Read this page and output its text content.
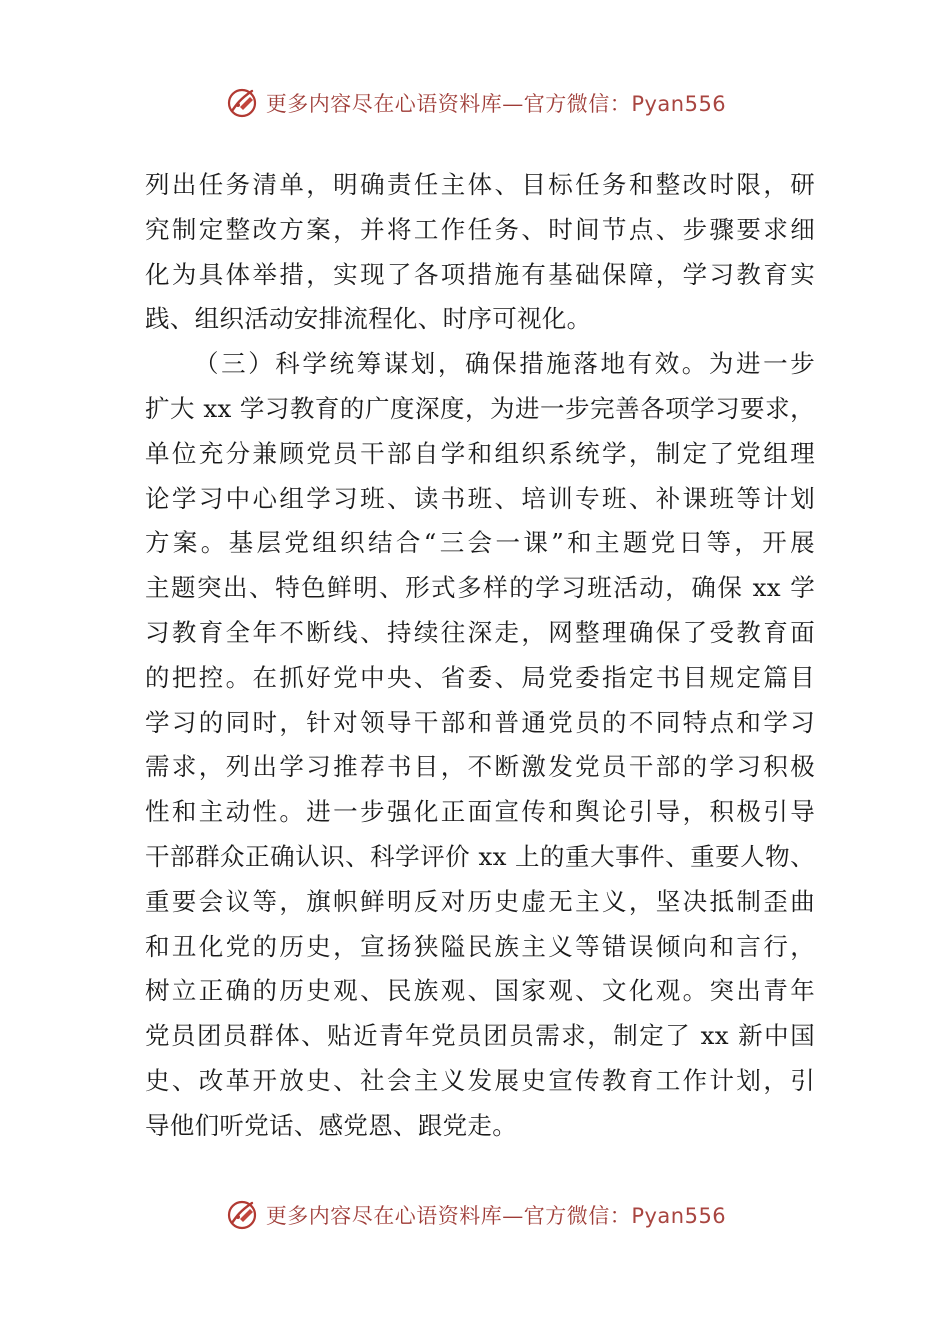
更多内容尽在心语资料库—官方微信：Pyan556
列出任务清单，明确责任主体、目标任务和整改时限，研
究制定整改方案，并将工作任务、时间节点、步骤要求细
化为具体举措，实现了各项措施有基础保障，学习教育实
践、组织活动安排流程化、时序可视化。
（三）科学统筹谋划，确保措施落地有效。为进一步
扩大 xx 学习教育的广度深度，为进一步完善各项学习要求，
单位充分兼顾党员干部自学和组织系统学，制定了党组理
论学习中心组学习班、读书班、培训专班、补课班等计划
方案。基层党组织结合“三会一课”和主题党日等，开展
主题突出、特色鲜明、形式多样的学习班活动，确保 xx 学
习教育全年不断线、持续往深走，网整理确保了受教育面
的把控。在抓好党中央、省委、局党委指定书目规定篇目
学习的同时，针对领导干部和普通党员的不同特点和学习
需求，列出学习推荐书目，不断激发党员干部的学习积极
性和主动性。进一步强化正面宣传和舆论引导，积极引导
干部群众正确认识、科学评价 xx 上的重大事件、重要人物、
重要会议等，旗帜鲜明反对历史虚无主义，坚决抵制歪曲
和丑化党的历史，宣扬狭隘民族主义等错误倾向和言行，
树立正确的历史观、民族观、国家观、文化观。突出青年
党员团员群体、贴近青年党员团员需求，制定了 xx 新中国
史、改革开放史、社会主义发展史宣传教育工作计划，引
导他们听党话、感党恩、跟党走。
更多内容尽在心语资料库—官方微信：Pyan556
